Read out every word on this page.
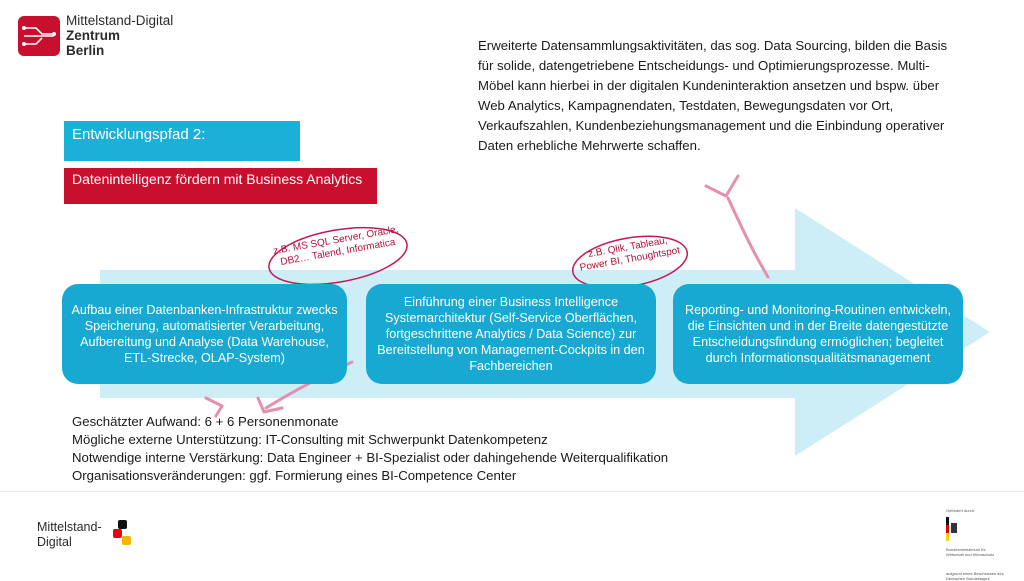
Mittelstand-Digital
Zentrum
Berlin	Erweiterte Datensammlungsaktivitäten, das sog. Data Sourcing, bilden die Basis für solide, datengetriebene Entscheidungs- und Optimierungsprozesse. Multi-Möbel kann hierbei in der digitalen Kundeninteraktion ansetzen und bspw. über Web Analytics, Kampagnendaten, Testdaten, Bewegungsdaten vor Ort, Verkaufszahlen, Kundenbeziehungsmanagement und die Einbindung operativer Daten erhebliche Mehrwerte schaffen.
Entwicklungspfad 2:
Datenintelligenz fördern mit Business Analytics
Aufbau einer Datenbanken-Infrastruktur zwecks Speicherung, automatisierter Verarbeitung, Aufbereitung und Analyse (Data Warehouse, ETL-Strecke, OLAP-System)
Einführung einer Business Intelligence Systemarchitektur (Self-Service Oberflächen, fortgeschrittene Analytics / Data Science) zur Bereitstellung von Management-Cockpits in den Fachbereichen
Reporting- und Monitoring-Routinen entwickeln, die Einsichten und in der Breite datengestützte Entscheidungsfindung ermöglichen; begleitet durch Informationsqualitätsmanagement
z.B. MS SQL Server, Oracle, DB2… Talend, Informatica	z.B. Qlik, Tableau, Power BI, Thoughtspot
Geschätzter Aufwand: 6 + 6 Personenmonate
Mögliche externe Unterstützung: IT-Consulting mit Schwerpunkt Datenkompetenz
Notwendige interne Verstärkung: Data Engineer + BI-Spezialist oder dahingehende Weiterqualifikation
Organisationsveränderungen: ggf. Formierung eines BI-Competence Center
Mittelstand-
Digital
Gefördert durch:
Bundesministerium für Wirtschaft und Klimaschutz
aufgrund eines Beschlusses des Deutschen Bundestages
